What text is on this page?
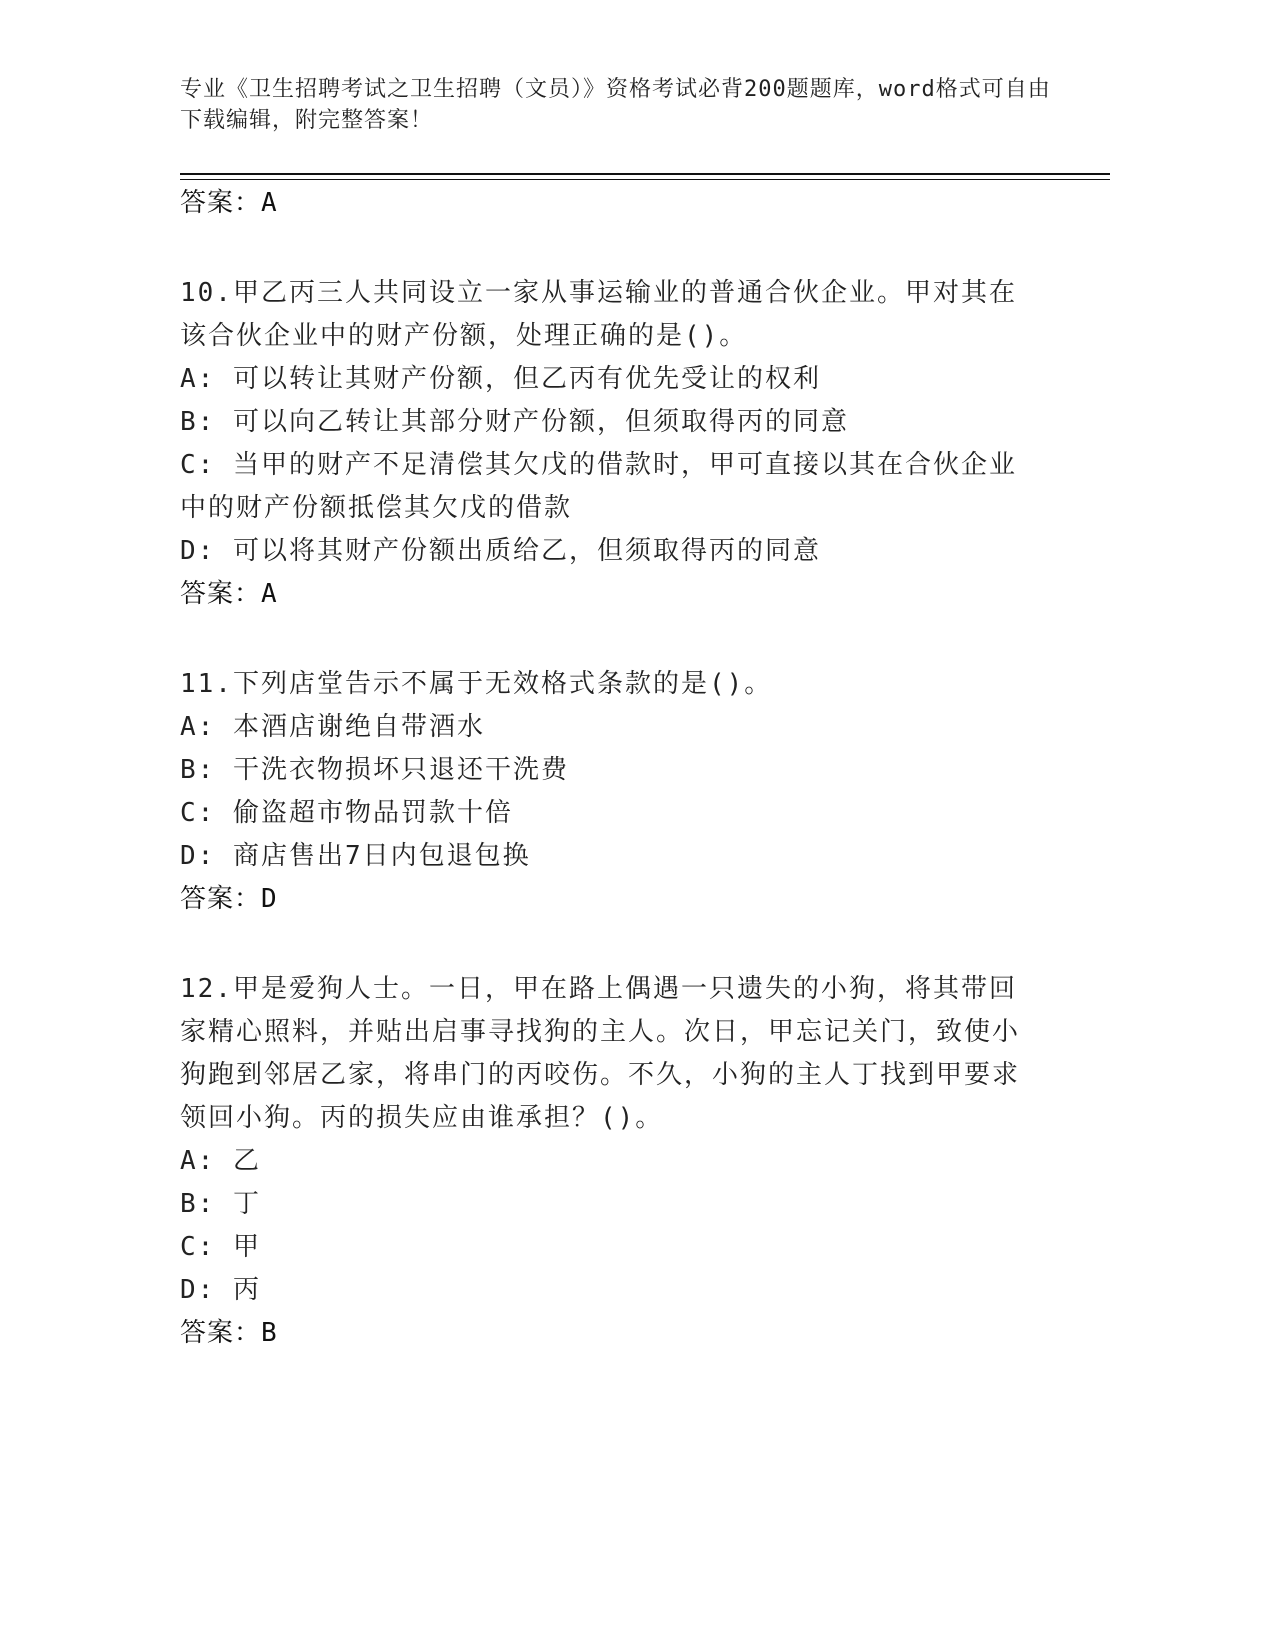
专业《卫生招聘考试之卫生招聘（文员）》资格考试必背200题题库，word格式可自由下载编辑，附完整答案！

答案：A

10.甲乙丙三人共同设立一家从事运输业的普通合伙企业。甲对其在该合伙企业中的财产份额，处理正确的是()。

A: 可以转让其财产份额，但乙丙有优先受让的权利

B: 可以向乙转让其部分财产份额，但须取得丙的同意

C: 当甲的财产不足清偿其欠戊的借款时，甲可直接以其在合伙企业中的财产份额抵偿其欠戊的借款

D: 可以将其财产份额出质给乙，但须取得丙的同意

答案：A

11.下列店堂告示不属于无效格式条款的是()。

A: 本酒店谢绝自带酒水

B: 干洗衣物损坏只退还干洗费

C: 偷盗超市物品罚款十倍

D: 商店售出7日内包退包换

答案：D

12.甲是爱狗人士。一日，甲在路上偶遇一只遗失的小狗，将其带回家精心照料，并贴出启事寻找狗的主人。次日，甲忘记关门，致使小狗跑到邻居乙家，将串门的丙咬伤。不久，小狗的主人丁找到甲要求领回小狗。丙的损失应由谁承担？()。

A: 乙

B: 丁

C: 甲

D: 丙

答案：B
